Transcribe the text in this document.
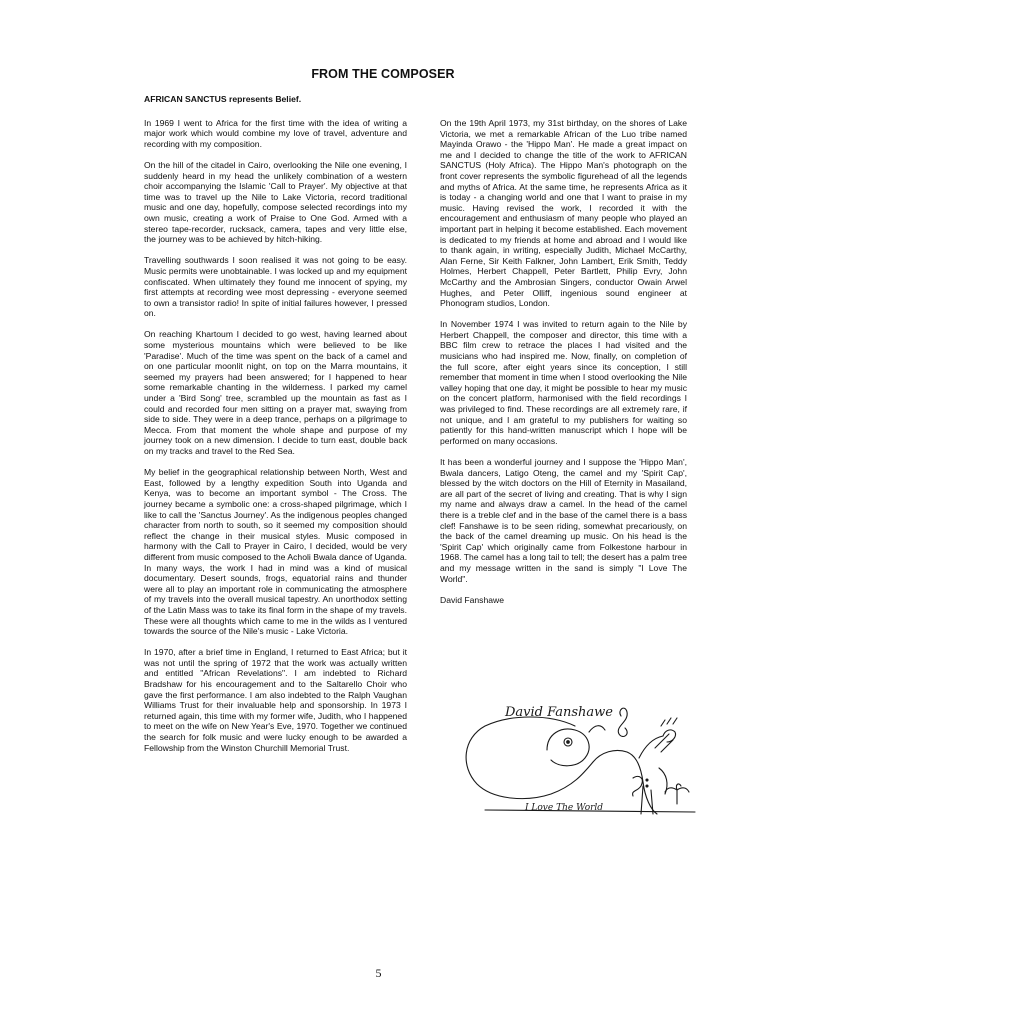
FROM THE COMPOSER

AFRICAN SANCTUS represents Belief.

In 1969 I went to Africa for the first time with the idea of writing a major work which would combine my love of travel, adventure and recording with my composition.

On the hill of the citadel in Cairo, overlooking the Nile one evening, I suddenly heard in my head the unlikely combination of a western choir accompanying the Islamic 'Call to Prayer'. My objective at that time was to travel up the Nile to Lake Victoria, record traditional music and one day, hopefully, compose selected recordings into my own music, creating a work of Praise to One God. Armed with a stereo tape-recorder, rucksack, camera, tapes and very little else, the journey was to be achieved by hitch-hiking.

Travelling southwards I soon realised it was not going to be easy. Music permits were unobtainable. I was locked up and my equipment confiscated. When ultimately they found me innocent of spying, my first attempts at recording wee most depressing - everyone seemed to own a transistor radio! In spite of initial failures however, I pressed on.

On reaching Khartoum I decided to go west, having learned about some mysterious mountains which were believed to be like 'Paradise'. Much of the time was spent on the back of a camel and on one particular moonlit night, on top on the Marra mountains, it seemed my prayers had been answered; for I happened to hear some remarkable chanting in the wilderness. I parked my camel under a 'Bird Song' tree, scrambled up the mountain as fast as I could and recorded four men sitting on a prayer mat, swaying from side to side. They were in a deep trance, perhaps on a pilgrimage to Mecca. From that moment the whole shape and purpose of my journey took on a new dimension. I decide to turn east, double back on my tracks and travel to the Red Sea.

My belief in the geographical relationship between North, West and East, followed by a lengthy expedition South into Uganda and Kenya, was to become an important symbol - The Cross. The journey became a symbolic one: a cross-shaped pilgrimage, which I like to call the 'Sanctus Journey'. As the indigenous peoples changed character from north to south, so it seemed my composition should reflect the change in their musical styles. Music composed in harmony with the Call to Prayer in Cairo, I decided, would be very different from music composed to the Acholi Bwala dance of Uganda. In many ways, the work I had in mind was a kind of musical documentary. Desert sounds, frogs, equatorial rains and thunder were all to play an important role in communicating the atmosphere of my travels into the overall musical tapestry. An unorthodox setting of the Latin Mass was to take its final form in the shape of my travels. These were all thoughts which came to me in the wilds as I ventured towards the source of the Nile's music - Lake Victoria.

In 1970, after a brief time in England, I returned to East Africa; but it was not until the spring of 1972 that the work was actually written and entitled "African Revelations". I am indebted to Richard Bradshaw for his encouragement and to the Saltarello Choir who gave the first performance. I am also indebted to the Ralph Vaughan Williams Trust for their invaluable help and sponsorship. In 1973 I returned again, this time with my former wife, Judith, who I happened to meet on the wife on New Year's Eve, 1970. Together we continued the search for folk music and were lucky enough to be awarded a Fellowship from the Winston Churchill Memorial Trust.

On the 19th April 1973, my 31st birthday, on the shores of Lake Victoria, we met a remarkable African of the Luo tribe named Mayinda Orawo - the 'Hippo Man'. He made a great impact on me and I decided to change the title of the work to AFRICAN SANCTUS (Holy Africa). The Hippo Man's photograph on the front cover represents the symbolic figurehead of all the legends and myths of Africa. At the same time, he represents Africa as it is today - a changing world and one that I want to praise in my music. Having revised the work, I recorded it with the encouragement and enthusiasm of many people who played an important part in helping it become established. Each movement is dedicated to my friends at home and abroad and I would like to thank again, in writing, especially Judith, Michael McCarthy, Alan Ferne, Sir Keith Falkner, John Lambert, Erik Smith, Teddy Holmes, Herbert Chappell, Peter Bartlett, Philip Evry, John McCarthy and the Ambrosian Singers, conductor Owain Arwel Hughes, and Peter Olliff, ingenious sound engineer at Phonogram studios, London.

In November 1974 I was invited to return again to the Nile by Herbert Chappell, the composer and director, this time with a BBC film crew to retrace the places I had visited and the musicians who had inspired me. Now, finally, on completion of the full score, after eight years since its conception, I still remember that moment in time when I stood overlooking the Nile valley hoping that one day, it might be possible to hear my music on the concert platform, harmonised with the field recordings I was privileged to find. These recordings are all extremely rare, if not unique, and I am grateful to my publishers for waiting so patiently for this hand-written manuscript which I hope will be performed on many occasions.

It has been a wonderful journey and I suppose the 'Hippo Man', Bwala dancers, Latigo Oteng, the camel and my 'Spirit Cap', blessed by the witch doctors on the Hill of Eternity in Masailand, are all part of the secret of living and creating. That is why I sign my name and always draw a camel. In the head of the camel there is a treble clef and in the base of the camel there is a bass clef! Fanshawe is to be seen riding, somewhat precariously, on the back of the camel dreaming up music. On his head is the 'Spirit Cap' which originally came from Folkestone harbour in 1968. The camel has a long tail to tell; the desert has a palm tree and my message written in the sand is simply "I Love The World".

David Fanshawe

David Fanshawe
I Love The World
5
